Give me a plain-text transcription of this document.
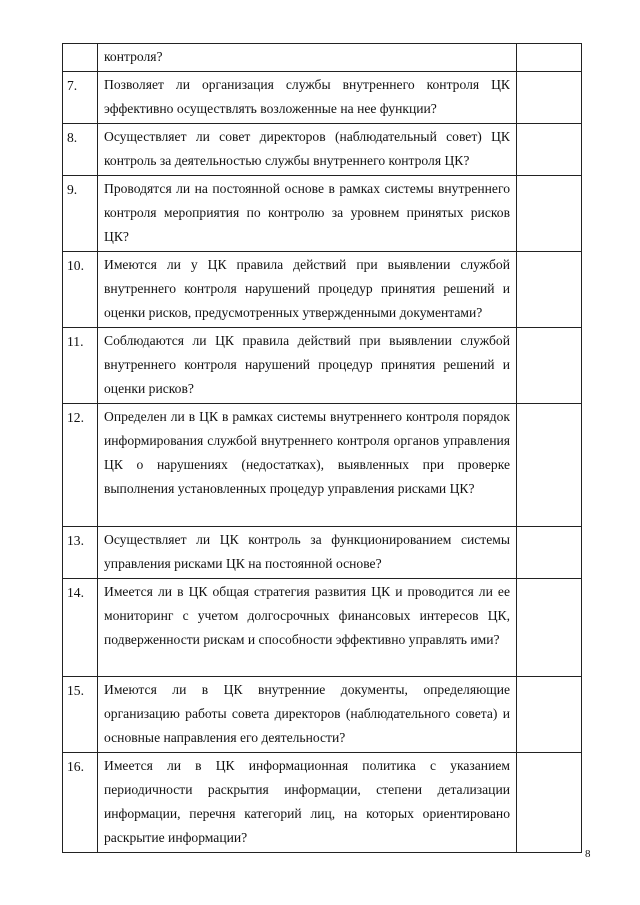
	контроля?	
7.	Позволяет ли организация службы внутреннего контроля ЦК эффективно осуществлять возложенные на нее функции?	
8.	Осуществляет ли совет директоров (наблюдательный совет) ЦК контроль за деятельностью службы внутреннего контроля ЦК?	
9.	Проводятся ли на постоянной основе в рамках системы внутреннего контроля мероприятия по контролю за уровнем принятых рисков ЦК?	
10.	Имеются ли у ЦК правила действий при выявлении службой внутреннего контроля нарушений процедур принятия решений и оценки рисков, предусмотренных утвержденными документами?	
11.	Соблюдаются ли ЦК правила действий при выявлении службой внутреннего контроля нарушений процедур принятия решений и оценки рисков?	
12.	Определен ли в ЦК в рамках системы внутреннего контроля порядок информирования службой внутреннего контроля органов управления ЦК о нарушениях (недостатках), выявленных при проверке выполнения установленных процедур управления рисками ЦК?	
13.	Осуществляет ли ЦК контроль за функционированием системы управления рисками ЦК на постоянной основе?	
14.	Имеется ли в ЦК общая стратегия развития ЦК и проводится ли ее мониторинг с учетом долгосрочных финансовых интересов ЦК, подверженности рискам и способности эффективно управлять ими?	
15.	Имеются ли в ЦК внутренние документы, определяющие организацию работы совета директоров (наблюдательного совета) и основные направления его деятельности?	
16.	Имеется ли в ЦК информационная политика с указанием периодичности раскрытия информации, степени детализации информации, перечня категорий лиц, на которых ориентировано раскрытие информации?	
8
